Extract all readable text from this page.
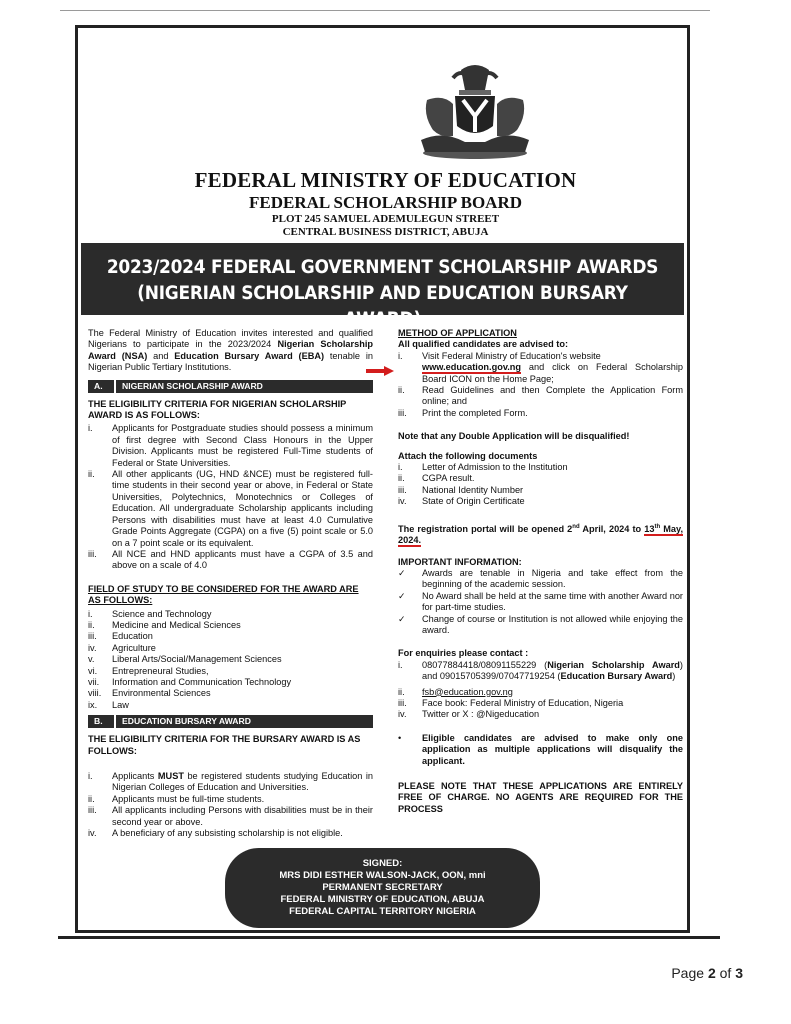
FEDERAL MINISTRY OF EDUCATION
FEDERAL SCHOLARSHIP BOARD
PLOT 245 SAMUEL ADEMULEGUN STREET
CENTRAL BUSINESS DISTRICT, ABUJA
2023/2024 FEDERAL GOVERNMENT SCHOLARSHIP AWARDS
(NIGERIAN SCHOLARSHIP AND EDUCATION BURSARY AWARD)

The Federal Ministry of Education invites interested and qualified Nigerians to participate in the 2023/2024 Nigerian Scholarship Award (NSA) and Education Bursary Award (EBA) tenable in Nigerian Public Tertiary Institutions.

A.	NIGERIAN SCHOLARSHIP AWARD
THE ELIGIBILITY CRITERIA FOR NIGERIAN SCHOLARSHIP AWARD IS AS FOLLOWS:
i.	Applicants for Postgraduate studies should possess a minimum of first degree with Second Class Honours in the Upper Division. Applicants must be registered Full-Time students of Federal or State Universities.
ii.	All other applicants (UG, HND &NCE) must be registered full-time students in their second year or above, in Federal or State Universities, Polytechnics, Monotechnics or Colleges of Education. All undergraduate Scholarship applicants including Persons with disabilities must have at least 4.0 Cumulative Grade Points Aggregate (CGPA) on a five (5) point scale or 5.0 on a 7 point scale or its equivalent.
iii.	All NCE and HND applicants must have a CGPA of 3.5 and above on a scale of 4.0
FIELD OF STUDY TO BE CONSIDERED FOR THE AWARD ARE AS FOLLOWS:
i.	Science and Technology
ii.	Medicine and Medical Sciences
iii.	Education
iv.	Agriculture
v.	Liberal Arts/Social/Management Sciences
vi.	Entrepreneural Studies,
vii.	Information and Communication Technology
viii.	Environmental Sciences
ix.	Law
B.	EDUCATION BURSARY AWARD
THE ELIGIBILITY CRITERIA FOR THE BURSARY AWARD IS AS FOLLOWS:
i.	Applicants MUST be registered students studying Education in Nigerian Colleges of Education and Universities.
ii.	Applicants must be full-time students.
iii.	All applicants including Persons with disabilities must be in their second year or above.
iv.	A beneficiary of any subsisting scholarship is not eligible.
METHOD OF APPLICATION
All qualified candidates are advised to:
i.	Visit Federal Ministry of Education's website

www.education.gov.ng and click on Federal Scholarship Board ICON on the Home Page;
ii.	Read Guidelines and then Complete the Application Form online; and
iii.	Print the completed Form.
Note that any Double Application will be disqualified!
Attach the following documents
i.	Letter of Admission to the Institution
ii.	CGPA result.
iii.	National Identity Number
iv.	State of Origin Certificate

The registration portal will be opened 2nd April, 2024 to 13th May, 2024.

IMPORTANT INFORMATION:
✓	Awards are tenable in Nigeria and take effect from the beginning of the academic session.
✓	No Award shall be held at the same time with another Award nor for part-time studies.
✓	Change of course or Institution is not allowed while enjoying the award.
For enquiries please contact :
i.	08077884418/08091155229 (Nigerian Scholarship Award) and 09015705399/07047719254 (Education Bursary Award)
ii.	fsb@education.gov.ng
iii.	Face book: Federal Ministry of Education, Nigeria
iv.	Twitter or X : @Nigeducation
•	Eligible candidates are advised to make only one application as multiple applications will disqualify the applicant.

PLEASE NOTE THAT THESE APPLICATIONS ARE ENTIRELY FREE OF CHARGE. NO AGENTS ARE REQUIRED FOR THE PROCESS

SIGNED:
MRS DIDI ESTHER WALSON-JACK, OON, mni
PERMANENT SECRETARY
FEDERAL MINISTRY OF EDUCATION, ABUJA
FEDERAL CAPITAL TERRITORY NIGERIA
Page 2 of 3
